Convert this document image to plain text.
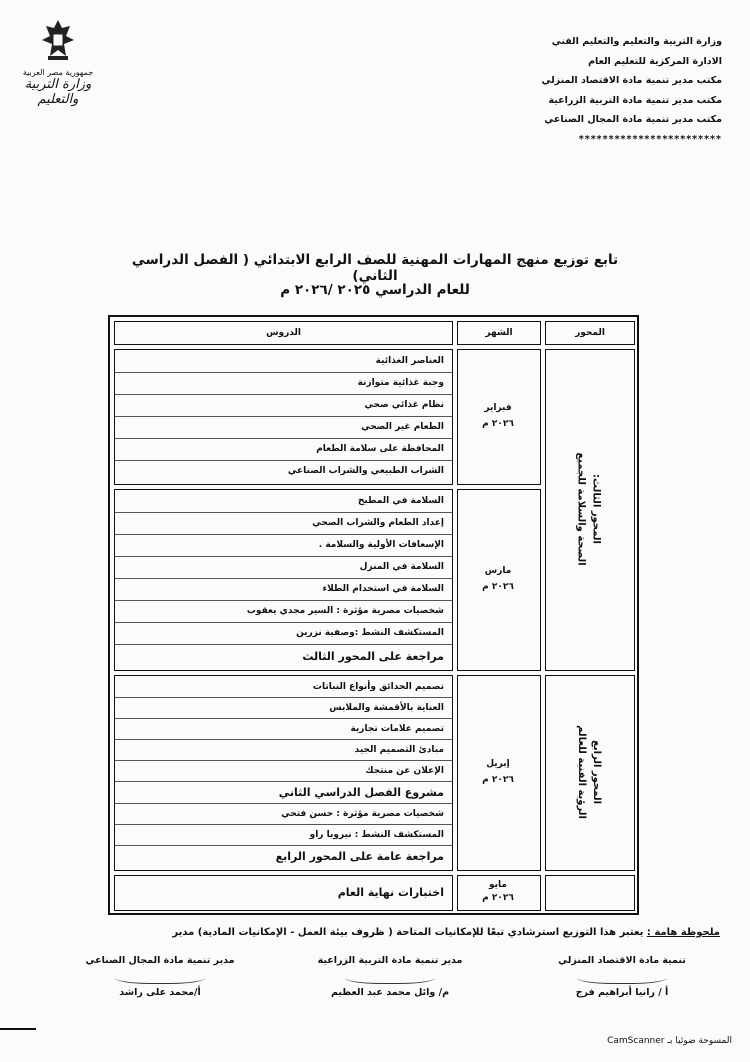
جمهورية مصر العربية
وزارة التربية والتعليم
وزارة التربية والتعليم والتعليم الفني
الادارة المركزية للتعليم العام
مكتب مدير تنمية مادة الاقتصاد المنزلي
مكتب مدير تنمية مادة التربية الزراعية
مكتب مدير تنمية مادة المجال الصناعي
************************
تابع توزيع منهج المهارات المهنية للصف الرابع الابتدائي ( الفصل الدراسي الثاني)
للعام الدراسي ٢٠٢٥ /٢٠٢٦ م
الدروس	الشهر	المحور
المحور الثالث:
الصحة والسلامة للجميع
المحور الرابع
الرؤية الفنية للعالم
فبراير
٢٠٢٦ م
مارس
٢٠٢٦ م
إبريل
٢٠٢٦ م
مايو
٢٠٢٦ م
العناصر الغذائية
وجبة غذائية متوازنة
نظام غذائي صحي
الطعام غير الصحي
المحافظة على سلامة الطعام
الشراب الطبيعي والشراب الصناعي
السلامة في المطبخ
إعداد الطعام والشراب الصحي
الإسعافات الأولية والسلامة .
السلامة في المنزل
السلامة في استخدام الطلاء
شخصيات مصرية مؤثرة : السير مجدي يعقوب
المستكشف النشط :وصفية نزرين
مراجعة على المحور الثالث
تصميم الحدائق وأنواع النباتات
العناية بالأقمشة والملابس
تصميم علامات تجارية
مبادئ التصميم الجيد
الإعلان عن منتجك
مشروع الفصل الدراسي الثاني
شخصيات مصرية مؤثرة : حسن فتحي
المستكشف النشط : نيروبا راو
مراجعة عامة على المحور الرابع
اختبارات نهاية العام
ملحوظة هامة : يعتبر هذا التوزيع استرشادي تبعًا للإمكانيات المتاحة ( ظروف بيئة العمل - الإمكانيات المادية) مدير
تنمية مادة الاقتصاد المنزلي
أ / رانيا أبراهيم فرج
مدير تنمية مادة التربية الزراعية
م/ وائل محمد عبد العظيم
مدير تنمية مادة المجال الصناعي
أ/محمد على راشد
المسوحة ضوئيا بـ CamScanner
